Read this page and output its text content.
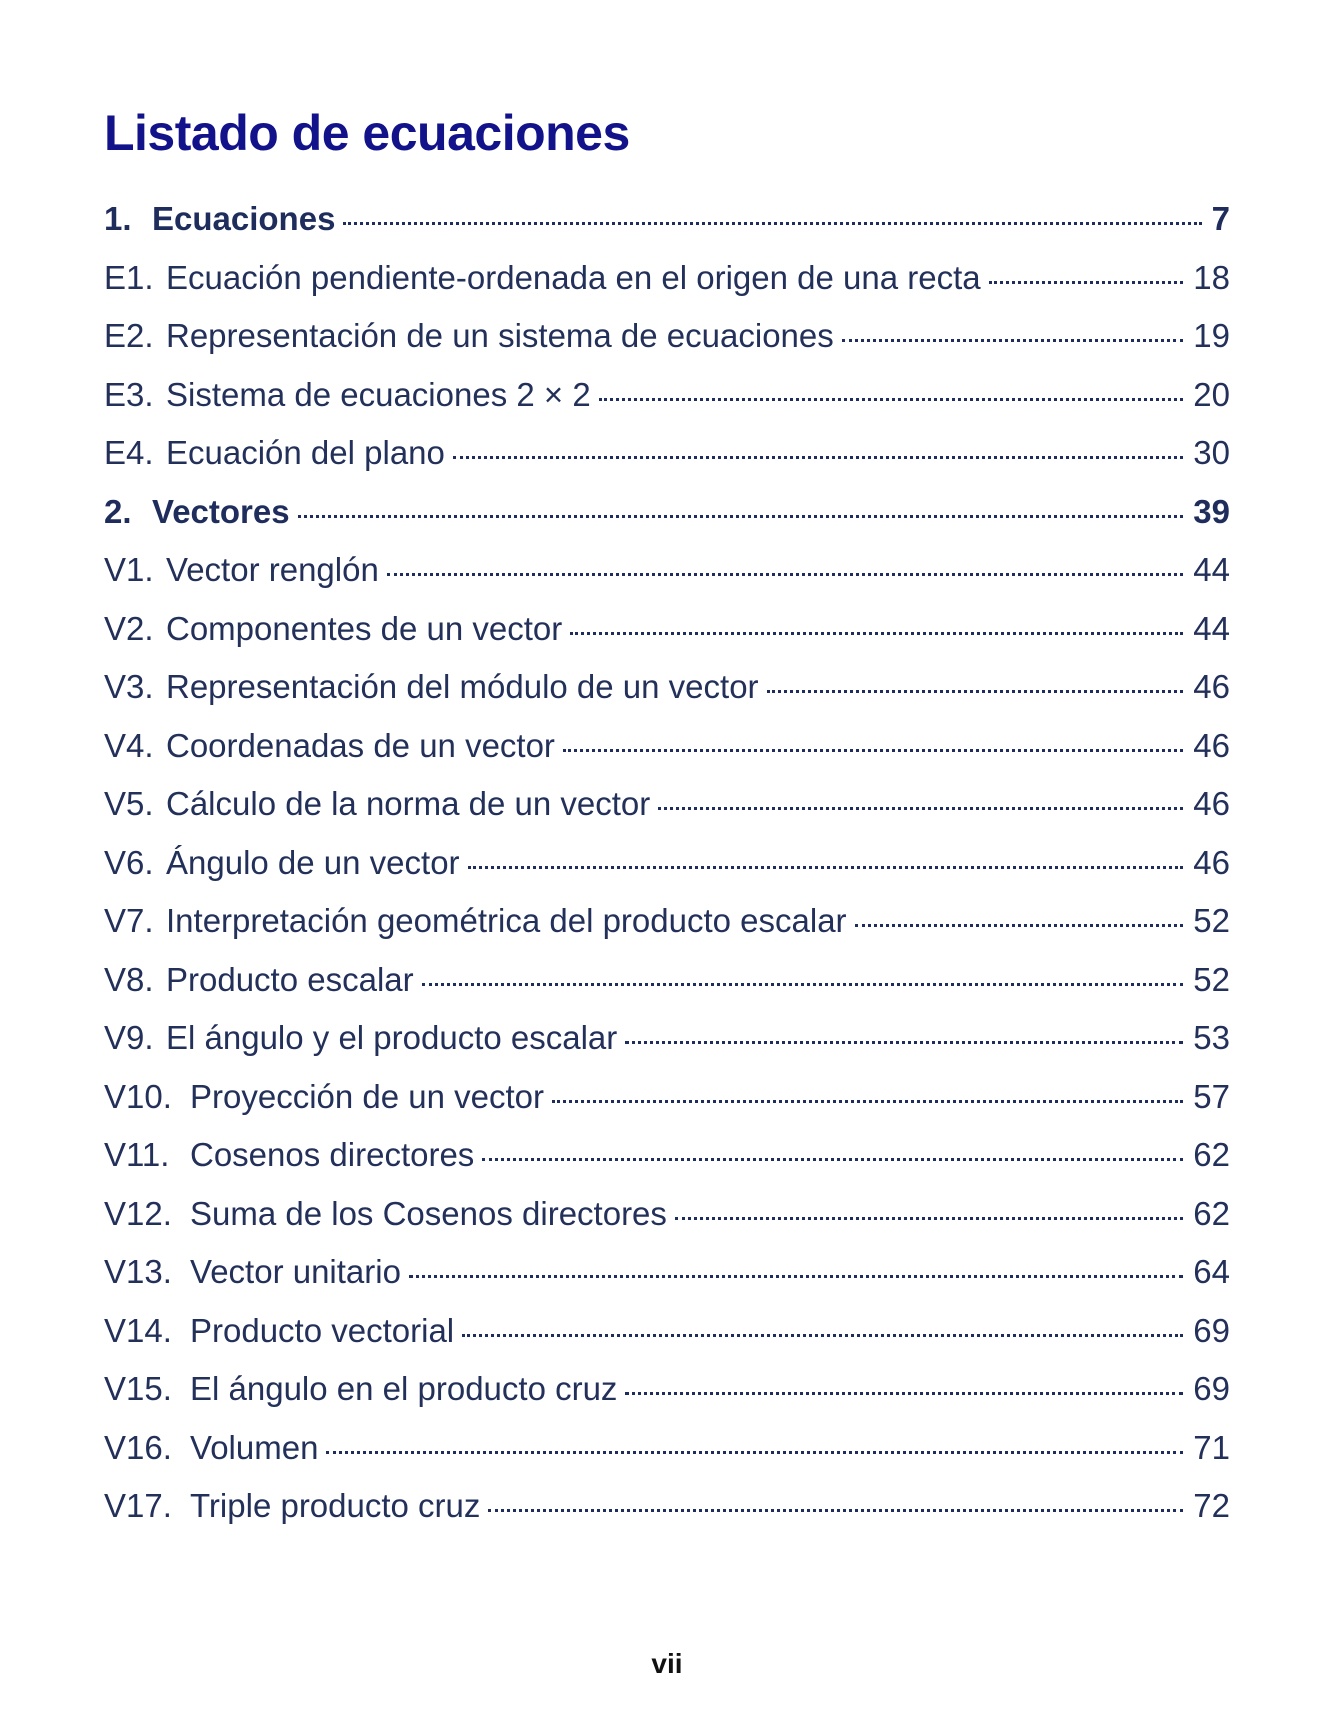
Listado de ecuaciones
1. Ecuaciones	7
E1. Ecuación pendiente-ordenada en el origen de una recta	18
E2. Representación de un sistema de ecuaciones	19
E3. Sistema de ecuaciones 2 × 2	20
E4. Ecuación del plano	30
2. Vectores	39
V1. Vector renglón	44
V2. Componentes de un vector	44
V3. Representación del módulo de un vector	46
V4. Coordenadas de un vector	46
V5. Cálculo de la norma de un vector	46
V6. Ángulo de un vector	46
V7. Interpretación geométrica del producto escalar	52
V8. Producto escalar	52
V9. El ángulo y el producto escalar	53
V10. Proyección de un vector	57
V11. Cosenos directores	62
V12. Suma de los Cosenos directores	62
V13. Vector unitario	64
V14. Producto vectorial	69
V15. El ángulo en el producto cruz	69
V16. Volumen	71
V17. Triple producto cruz	72
vii
